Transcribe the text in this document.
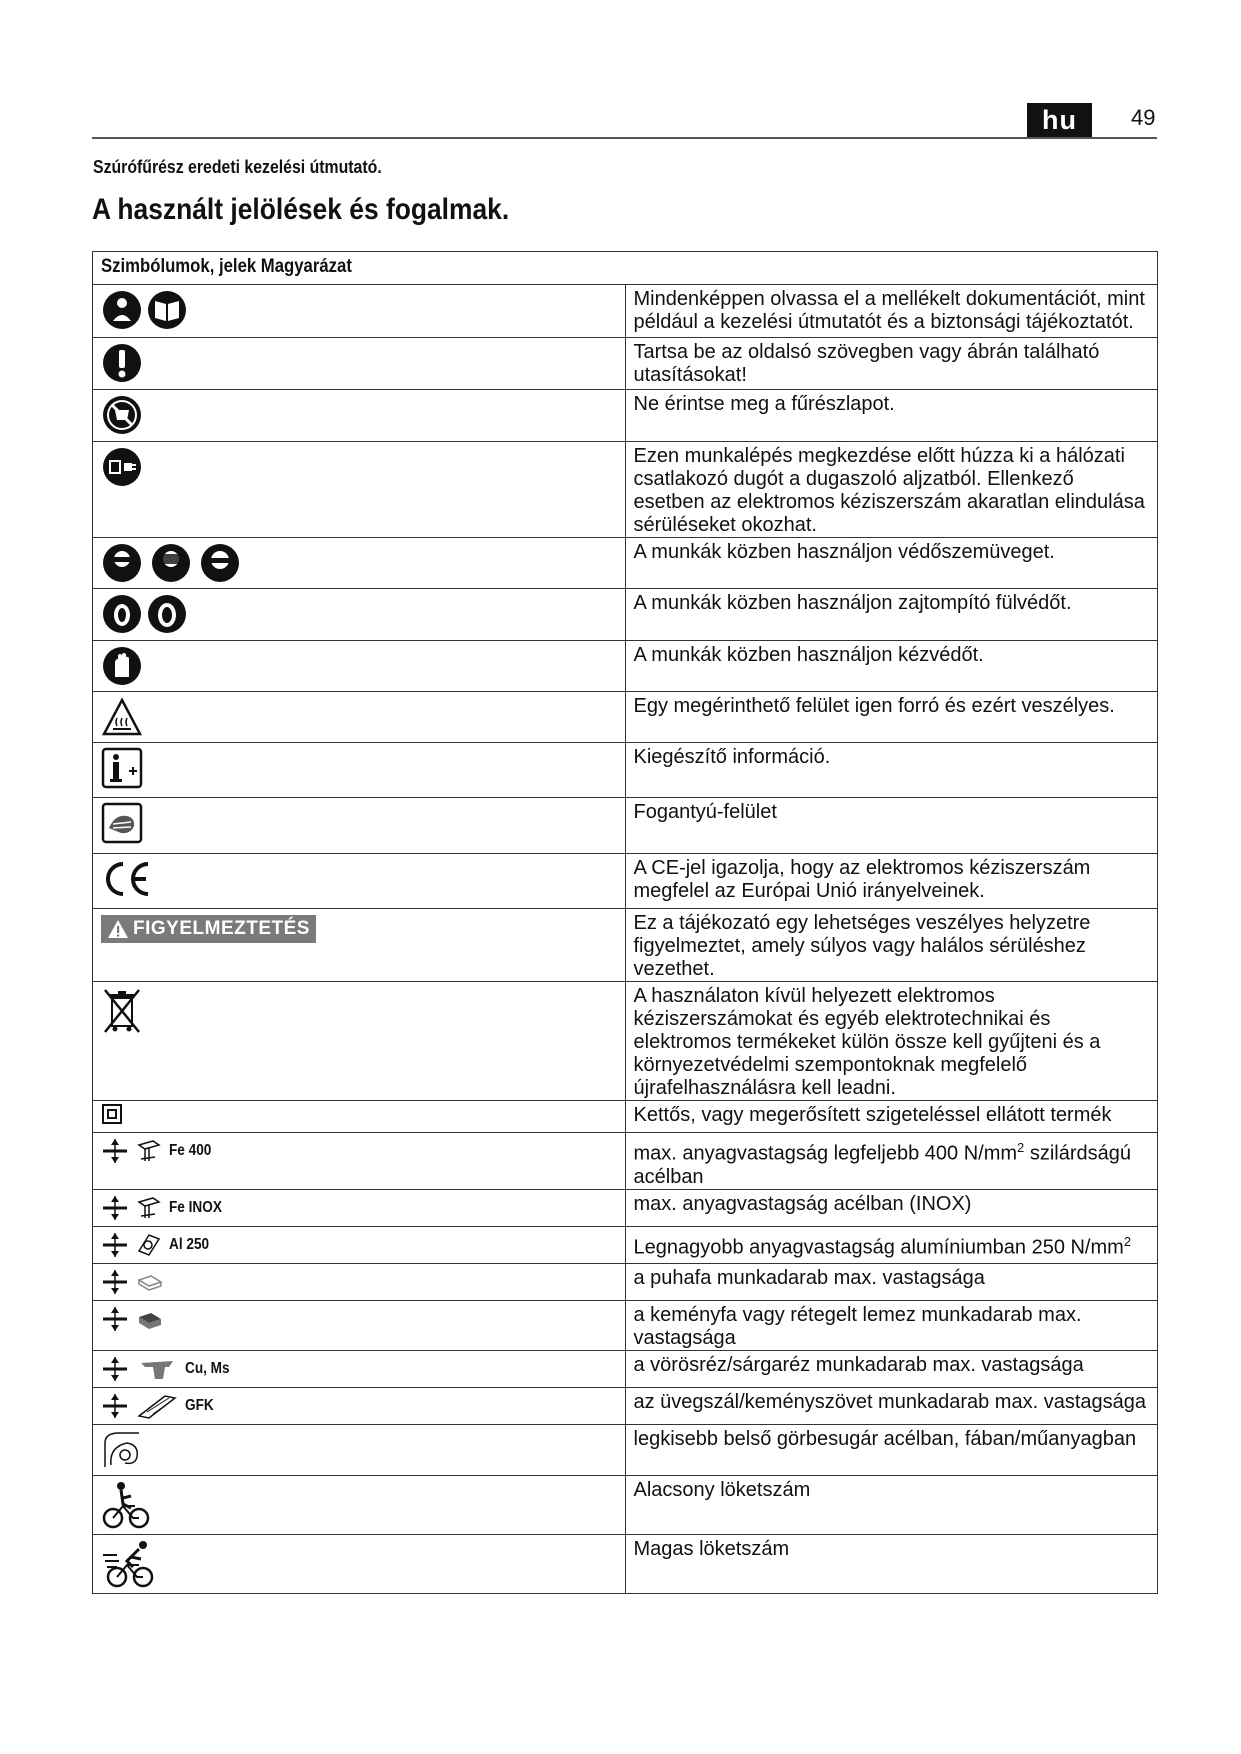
hu	49
Szúrófűrész eredeti kezelési útmutató.
A használt jelölések és fogalmak.
Szimbólumok, jelek Magyarázat	

	Mindenképpen olvassa el a mellékelt dokumentációt, mint például a kezelési útmutatót és a biztonsági tájékoztatót.

	Tartsa be az oldalsó szövegben vagy ábrán található utasításokat!

	Ne érintse meg a fűrészlapot.

	Ezen munkalépés megkezdése előtt húzza ki a hálózati csatlakozó dugót a dugaszoló aljzatból. Ellenkező esetben az elektromos kéziszerszám akaratlan elindulása sérüléseket okozhat.

	A munkák közben használjon védőszemüveget.

	A munkák közben használjon zajtompító fülvédőt.

	A munkák közben használjon kézvédőt.

	Egy megérinthető felület igen forró és ezért veszélyes.

	Kiegészítő információ.

	Fogantyú-felület

	A CE-jel igazolja, hogy az elektromos kéziszerszám megfelel az Európai Unió irányelveinek.

FIGYELMEZTETÉS	Ez a tájékozató egy lehetséges veszélyes helyzetre figyelmeztet, amely súlyos vagy halálos sérüléshez vezethet.

	A használaton kívül helyezett elektromos kéziszerszámokat és egyéb elektrotechnikai és elektromos termékeket külön össze kell gyűjteni és a környezetvédelmi szempontoknak megfelelő újrafelhasználásra kell leadni.

	Kettős, vagy megerősített szigeteléssel ellátott termék

Fe 400	max. anyagvastagság legfeljebb 400 $N/mm^2$ szilárdságú acélban

Fe INOX	max. anyagvastagság acélban (INOX)

Al 250	Legnagyobb anyagvastagság alumíniumban 250 $N/mm^2$

	a puhafa munkadarab max. vastagsága

	a keményfa vagy rétegelt lemez munkadarab max. vastagsága

Cu, Ms	a vörösréz/sárgaréz munkadarab max. vastagsága

GFK	az üvegszál/keményszövet munkadarab max. vastagsága

	legkisebb belső görbesugár acélban, fában/műanyagban

	Alacsony löketszám

	Magas löketszám
